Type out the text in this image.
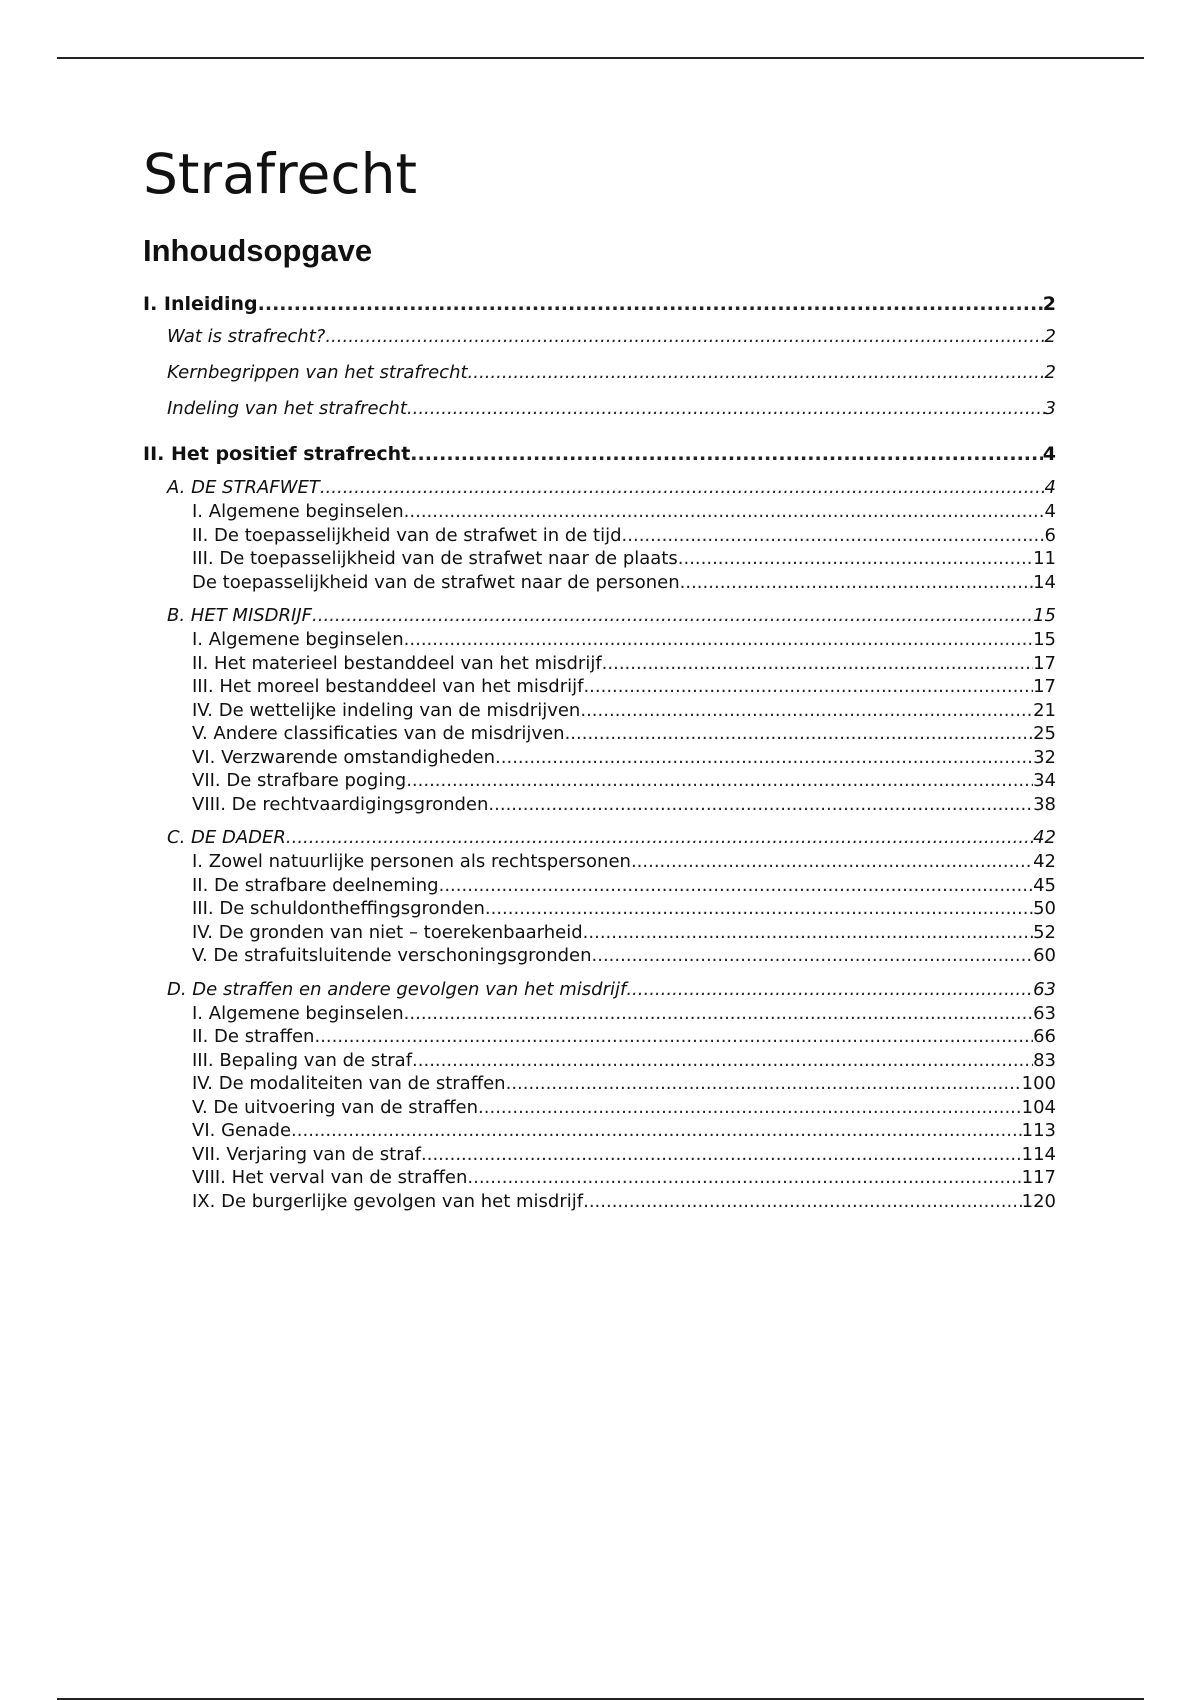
Strafrecht
Inhoudsopgave
I. Inleiding .....	2
Wat is strafrecht? .....	2
Kernbegrippen van het strafrecht .....	2
Indeling van het strafrecht .....	3
II. Het positief strafrecht .....	4
A. DE STRAFWET .....	4
I. Algemene beginselen .....	4
II. De toepasselijkheid van de strafwet in de tijd .....	6
III. De toepasselijkheid van de strafwet naar de plaats .....	11
De toepasselijkheid van de strafwet naar de personen .....	14
B. HET MISDRIJF .....	15
I. Algemene beginselen .....	15
II. Het materieel bestanddeel van het misdrijf .....	17
III. Het moreel bestanddeel van het misdrijf .....	17
IV. De wettelijke indeling van de misdrijven .....	21
V. Andere classificaties van de misdrijven .....	25
VI. Verzwarende omstandigheden .....	32
VII. De strafbare poging .....	34
VIII. De rechtvaardigingsgronden .....	38
C. DE DADER .....	42
I. Zowel natuurlijke personen als rechtspersonen .....	42
II. De strafbare deelneming .....	45
III. De schuldontheffingsgronden .....	50
IV. De gronden van niet – toerekenbaarheid .....	52
V. De strafuitsluitende verschoningsgronden .....	60
D. De straffen en andere gevolgen van het misdrijf .....	63
I. Algemene beginselen .....	63
II. De straffen .....	66
III. Bepaling van de straf .....	83
IV. De modaliteiten van de straffen .....	100
V. De uitvoering van de straffen .....	104
VI. Genade .....	113
VII. Verjaring van de straf .....	114
VIII. Het verval van de straffen .....	117
IX. De burgerlijke gevolgen van het misdrijf .....	120
